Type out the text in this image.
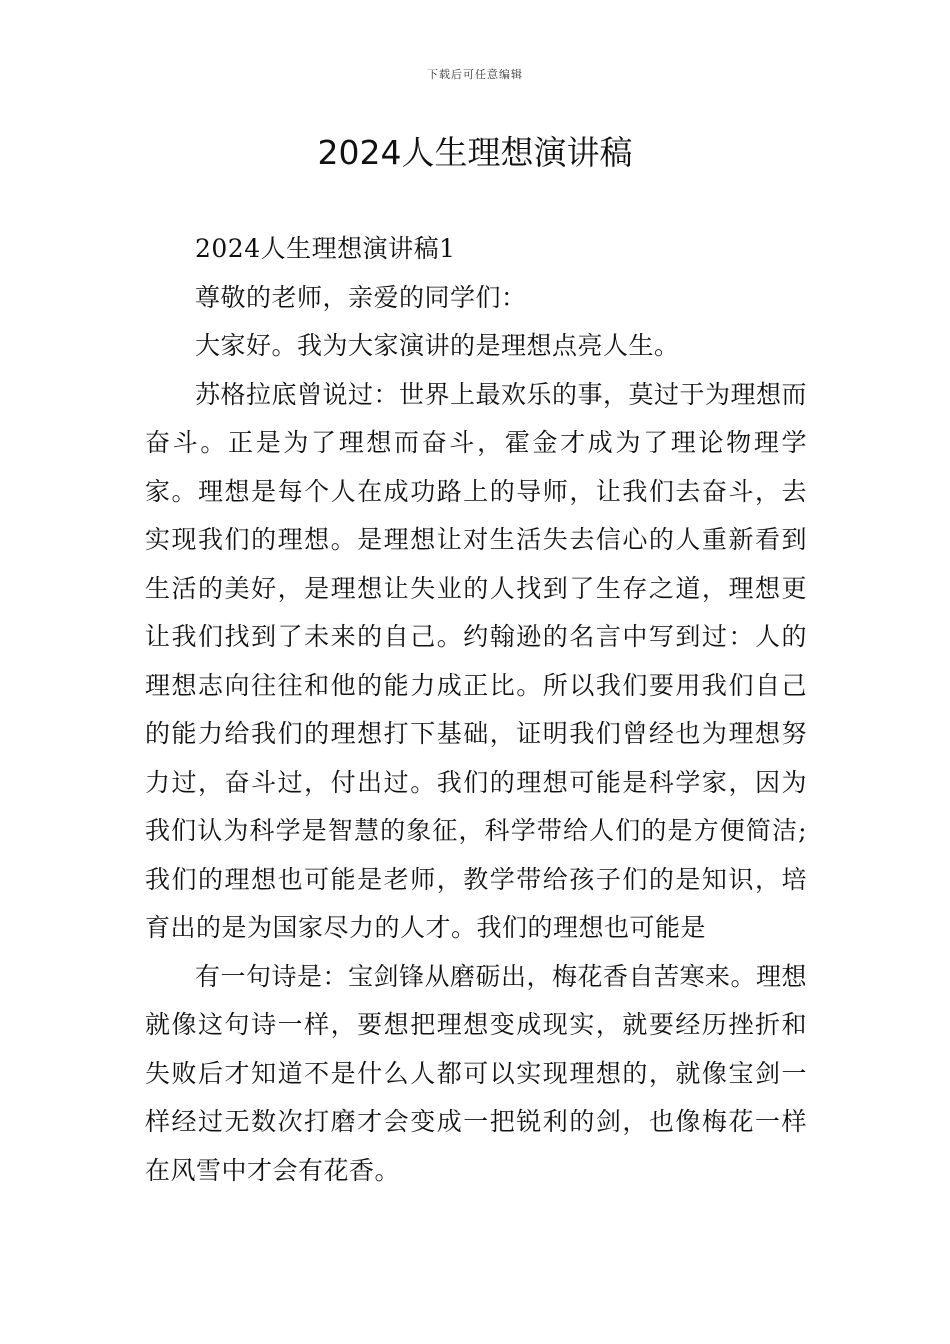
下载后可任意编辑
2024人生理想演讲稿

2024人生理想演讲稿1

尊敬的老师，亲爱的同学们：

大家好。我为大家演讲的是理想点亮人生。

苏格拉底曾说过：世界上最欢乐的事，莫过于为理想而奋斗。正是为了理想而奋斗，霍金才成为了理论物理学家。理想是每个人在成功路上的导师，让我们去奋斗，去实现我们的理想。是理想让对生活失去信心的人重新看到生活的美好，是理想让失业的人找到了生存之道，理想更让我们找到了未来的自己。约翰逊的名言中写到过：人的理想志向往往和他的能力成正比。所以我们要用我们自己的能力给我们的理想打下基础，证明我们曾经也为理想努力过，奋斗过，付出过。我们的理想可能是科学家，因为我们认为科学是智慧的象征，科学带给人们的是方便简洁;我们的理想也可能是老师，教学带给孩子们的是知识，培育出的是为国家尽力的人才。我们的理想也可能是

有一句诗是：宝剑锋从磨砺出，梅花香自苦寒来。理想就像这句诗一样，要想把理想变成现实，就要经历挫折和失败后才知道不是什么人都可以实现理想的，就像宝剑一样经过无数次打磨才会变成一把锐利的剑，也像梅花一样在风雪中才会有花香。
